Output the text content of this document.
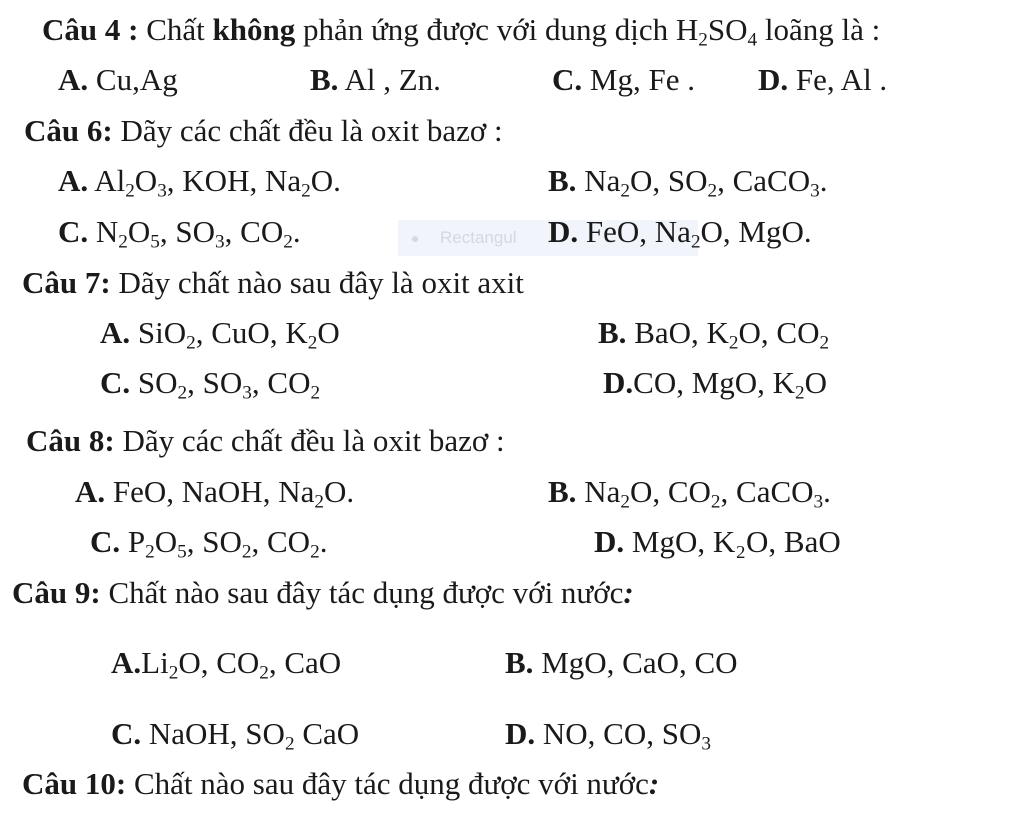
Câu 4 : Chất không phản ứng được với dung dịch $H_2SO_4$ loãng là :
A. Cu,Ag	B. Al , Zn.	C. Mg, Fe . D. Fe, Al .
Câu 6: Dãy các chất đều là oxit bazơ :
A. $Al_2O_3$, KOH, $Na_2O$.	B. $Na_2O$, $SO_2$, CaCO$_3$.
Rectangul
C. $N_2O_5$, $SO_3$, $CO_2$.	D. FeO, $Na_2O$, MgO.
Câu 7: Dãy chất nào sau đây là oxit axit
A. SiO$_2$, CuO, $K_2O$	B. BaO, $K_2O$, $CO_2$
C. $SO_2$, $SO_3$, $CO_2$	D.CO, MgO, $K_2O$
Câu 8: Dãy các chất đều là oxit bazơ :
A. FeO, NaOH, $Na_2O$.	B. $Na_2O$, $CO_2$, CaCO$_3$.
C. $P_2O_5$, $SO_2$, $CO_2$.	D. MgO, K₂O, BaO
Câu 9: Chất nào sau đây tác dụng được với nước:
$A.Li_2O$, $CO_2$, CaO	B. MgO, CaO, CO
C. NaOH, $SO_2$ CaO	D. NO, CO, $SO_3$
Câu 10: Chất nào sau đây tác dụng được với nước:
